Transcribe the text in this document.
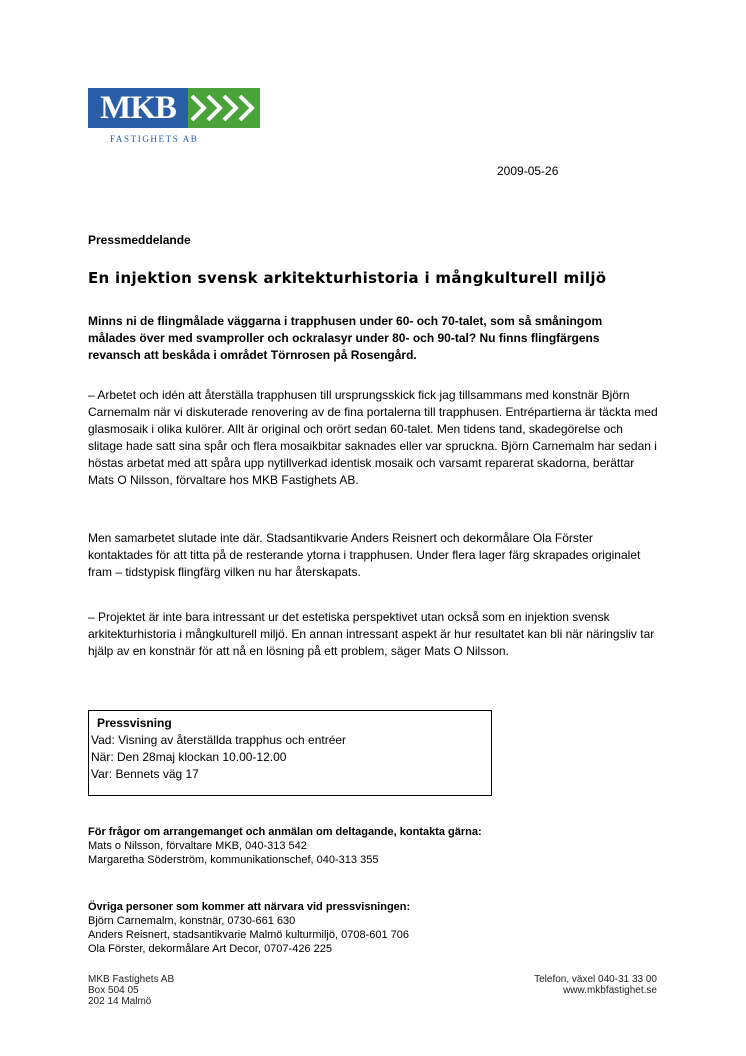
MKB
FASTIGHETS AB
2009-05-26
Pressmeddelande
En injektion svensk arkitekturhistoria i mångkulturell miljö
Minns ni de flingmålade väggarna i trapphusen under 60- och 70-talet, som så småningom målades över med svamproller och ockralasyr under 80- och 90-tal? Nu finns flingfärgens revansch att beskåda i området Törnrosen på Rosengård.
– Arbetet och idén att återställa trapphusen till ursprungsskick fick jag tillsammans med konstnär Björn Carnemalm när vi diskuterade renovering av de fina portalerna till trapphusen. Entrépartierna är täckta med glasmosaik i olika kulörer. Allt är original och orört sedan 60-talet. Men tidens tand, skadegörelse och slitage hade satt sina spår och flera mosaikbitar saknades eller var spruckna. Björn Carnemalm har sedan i höstas arbetat med att spåra upp nytillverkad identisk mosaik och varsamt reparerat skadorna, berättar Mats O Nilsson, förvaltare hos MKB Fastighets AB.
Men samarbetet slutade inte där. Stadsantikvarie Anders Reisnert och dekormålare Ola Förster kontaktades för att titta på de resterande ytorna i trapphusen. Under flera lager färg skrapades originalet fram – tidstypisk flingfärg vilken nu har återskapats.
– Projektet är inte bara intressant ur det estetiska perspektivet utan också som en injektion svensk arkitekturhistoria i mångkulturell miljö. En annan intressant aspekt är hur resultatet kan bli när näringsliv tar hjälp av en konstnär för att nå en lösning på ett problem, säger Mats O Nilsson.
Pressvisning
Vad: Visning av återställda trapphus och entréer
När: Den 28maj klockan 10.00-12.00
Var: Bennets väg 17
För frågor om arrangemanget och anmälan om deltagande, kontakta gärna:
Mats o Nilsson, förvaltare MKB, 040-313 542
Margaretha Söderström, kommunikationschef, 040-313 355
Övriga personer som kommer att närvara vid pressvisningen:
Björn Carnemalm, konstnär, 0730-661 630
Anders Reisnert, stadsantikvarie Malmö kulturmiljö, 0708-601 706
Ola Förster, dekormålare Art Decor, 0707-426 225
MKB Fastighets AB
Box 504 05
202 14 Malmö
Telefon, växel 040-31 33 00
www.mkbfastighet.se
